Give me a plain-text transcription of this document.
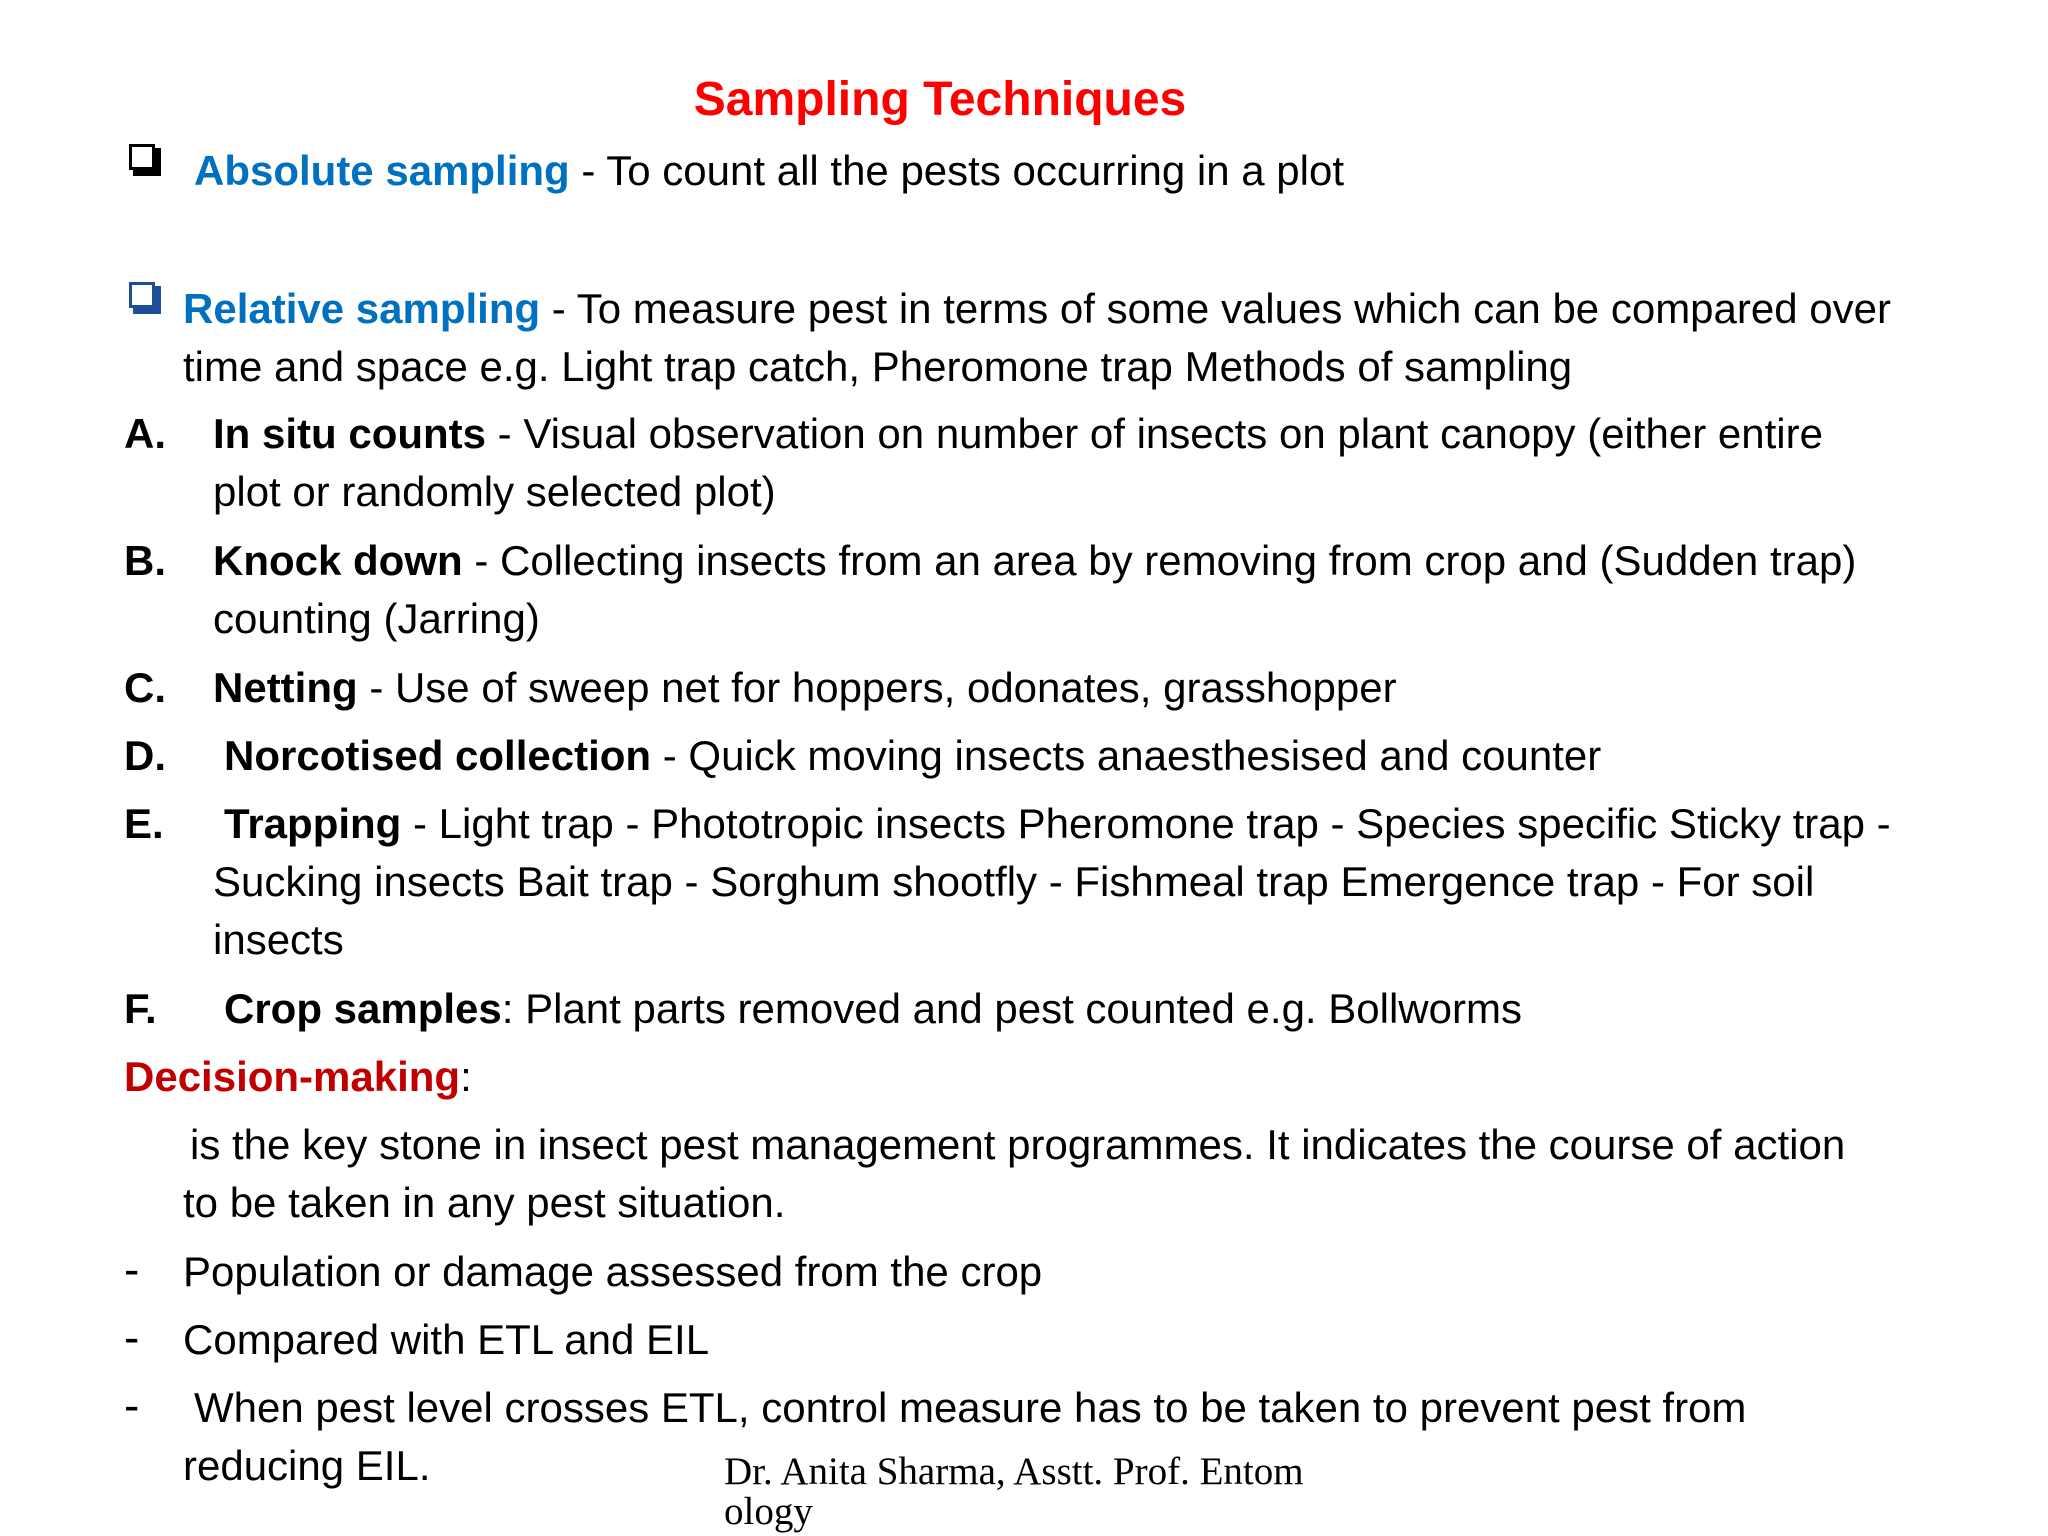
Sampling Techniques
Absolute sampling - To count all the pests occurring in a plot
Relative sampling - To measure pest in terms of some values which can be compared over
time and space e.g. Light trap catch, Pheromone trap Methods of sampling
A. In situ counts - Visual observation on number of insects on plant canopy (either entire
plot or randomly selected plot)
B. Knock down - Collecting insects from an area by removing from crop and (Sudden trap)
counting (Jarring)
C. Netting - Use of sweep net for hoppers, odonates, grasshopper
D. Norcotised collection - Quick moving insects anaesthesised and counter
E. Trapping - Light trap - Phototropic insects Pheromone trap - Species specific Sticky trap -
Sucking insects Bait trap - Sorghum shootfly - Fishmeal trap Emergence trap - For soil
insects
F. Crop samples: Plant parts removed and pest counted e.g. Bollworms
Decision-making:
is the key stone in insect pest management programmes. It indicates the course of action
to be taken in any pest situation.
- Population or damage assessed from the crop
- Compared with ETL and EIL
- When pest level crosses ETL, control measure has to be taken to prevent pest from
reducing EIL.	Dr. Anita Sharma, Asstt. Prof. Entom
ology
